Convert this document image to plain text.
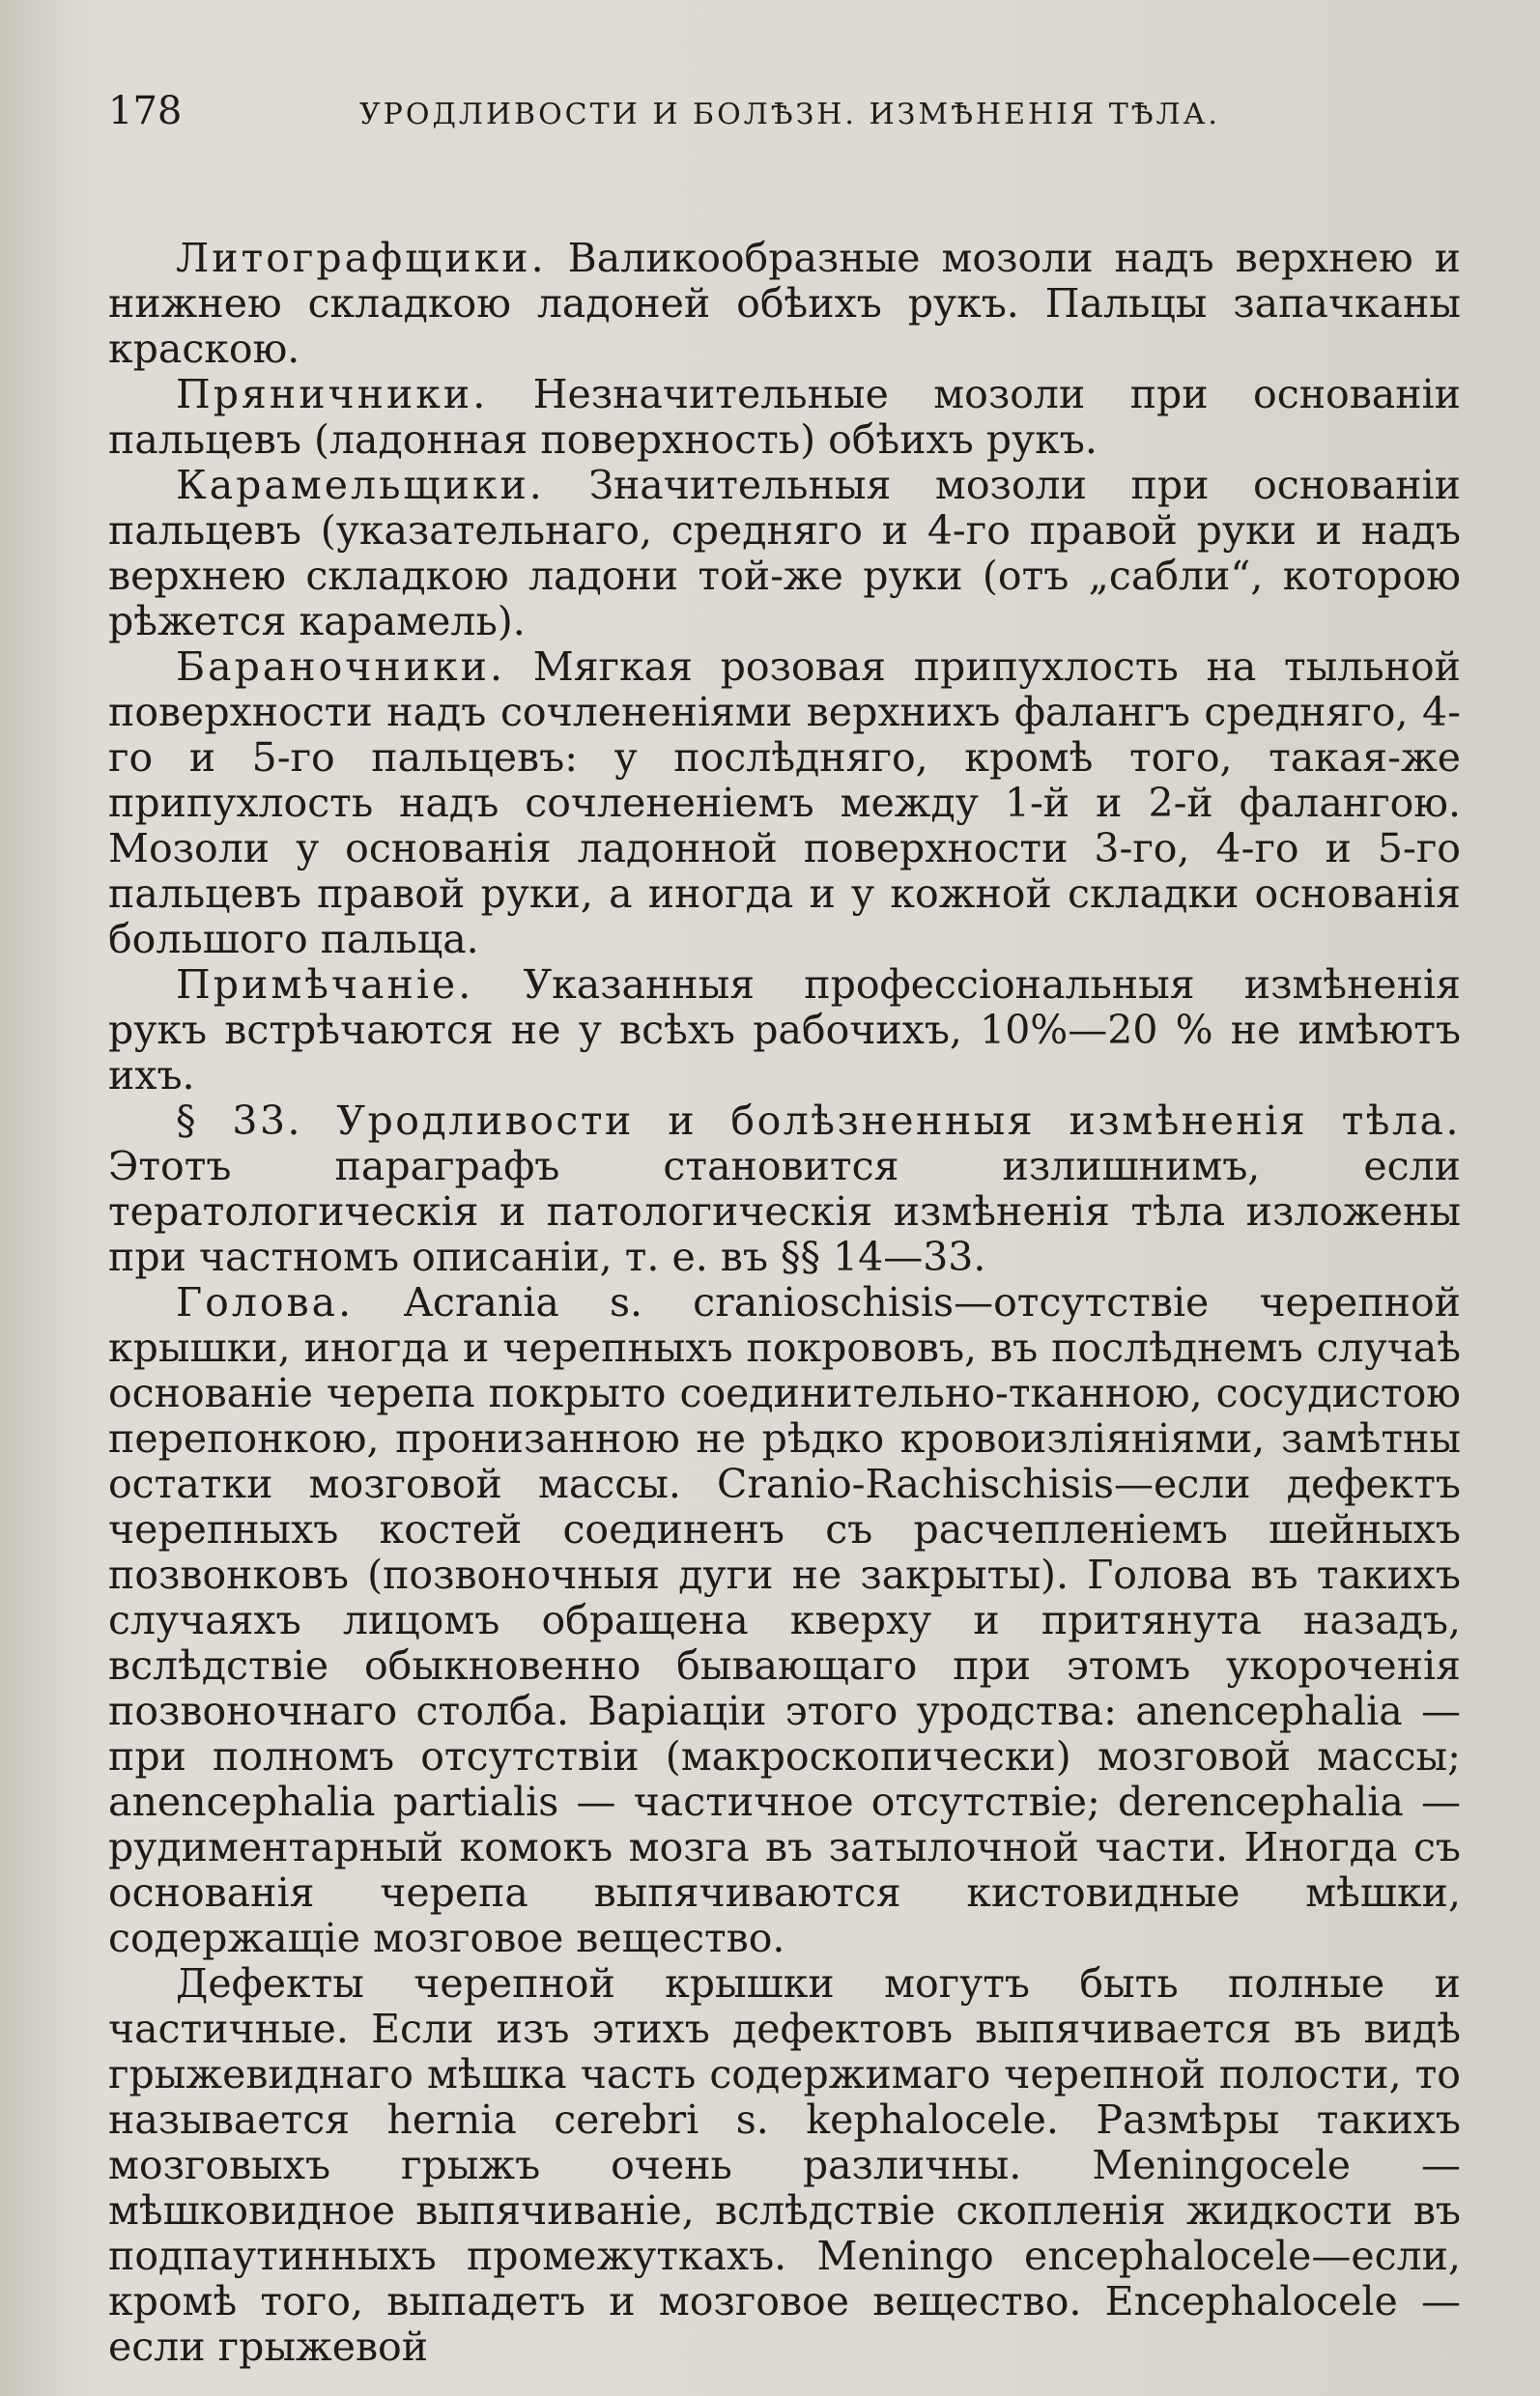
178	УРОДЛИВОСТИ И БОЛѢЗН. ИЗМѢНЕНІЯ ТѢЛА.

Литографщики. Валикообразные мозоли надъ верхнею и нижнею складкою ладоней обѣихъ рукъ. Пальцы запачканы краскою.

Пряничники. Незначительные мозоли при основаніи пальцевъ (ладонная поверхность) обѣихъ рукъ.

Карамельщики. Значительныя мозоли при основаніи пальцевъ (указательнаго, средняго и 4-го правой руки и надъ верхнею складкою ладони той-же руки (отъ „сабли“, которою рѣжется карамель).

Бараночники. Мягкая розовая припухлость на тыльной поверхности надъ сочлененіями верхнихъ фалангъ средняго, 4-го и 5-го пальцевъ: у послѣдняго, кромѣ того, такая-же припухлость надъ сочлененіемъ между 1-й и 2-й фалангою. Мозоли у основанія ладонной поверхности 3-го, 4-го и 5-го пальцевъ правой руки, а иногда и у кожной складки основанія большого пальца.

Примѣчаніе. Указанныя профессіональныя измѣненія рукъ встрѣчаются не у всѣхъ рабочихъ, 10%—20 % не имѣютъ ихъ.

§ 33. Уродливости и болѣзненныя измѣненія тѣла. Этотъ параграфъ становится излишнимъ, если тератологическія и патологическія измѣненія тѣла изложены при частномъ описаніи, т. е. въ §§ 14—33.

Голова. Acrania s. cranioschisis—отсутствіе черепной крышки, иногда и черепныхъ покрововъ, въ послѣднемъ случаѣ основаніе черепа покрыто соединительно-тканною, сосудистою перепонкою, пронизанною не рѣдко кровоизліяніями, замѣтны остатки мозговой массы. Cranio-Rachischisis—если дефектъ черепныхъ костей соединенъ съ расчепленіемъ шейныхъ позвонковъ (позвоночныя дуги не закрыты). Голова въ такихъ случаяхъ лицомъ обращена кверху и притянута назадъ, вслѣдствіе обыкновенно бывающаго при этомъ укороченія позвоночнаго столба. Варіаціи этого уродства: anencephalia —при полномъ отсутствіи (макроскопически) мозговой массы; anencephalia partialis — частичное отсутствіе; derencephalia — рудиментарный комокъ мозга въ затылочной части. Иногда съ основанія черепа выпячиваются кистовидные мѣшки, содержащіе мозговое вещество.

Дефекты черепной крышки могутъ быть полные и частичные. Если изъ этихъ дефектовъ выпячивается въ видѣ грыжевиднаго мѣшка часть содержимаго черепной полости, то называется hernia cerebri s. kephalocele. Размѣры такихъ мозговыхъ грыжъ очень различны. Meningocele — мѣшковидное выпячиваніе, вслѣдствіе скопленія жидкости въ подпаутинныхъ промежуткахъ. Meningo encephalocele—если, кромѣ того, выпадетъ и мозговое вещество. Encephalocele — если грыжевой
